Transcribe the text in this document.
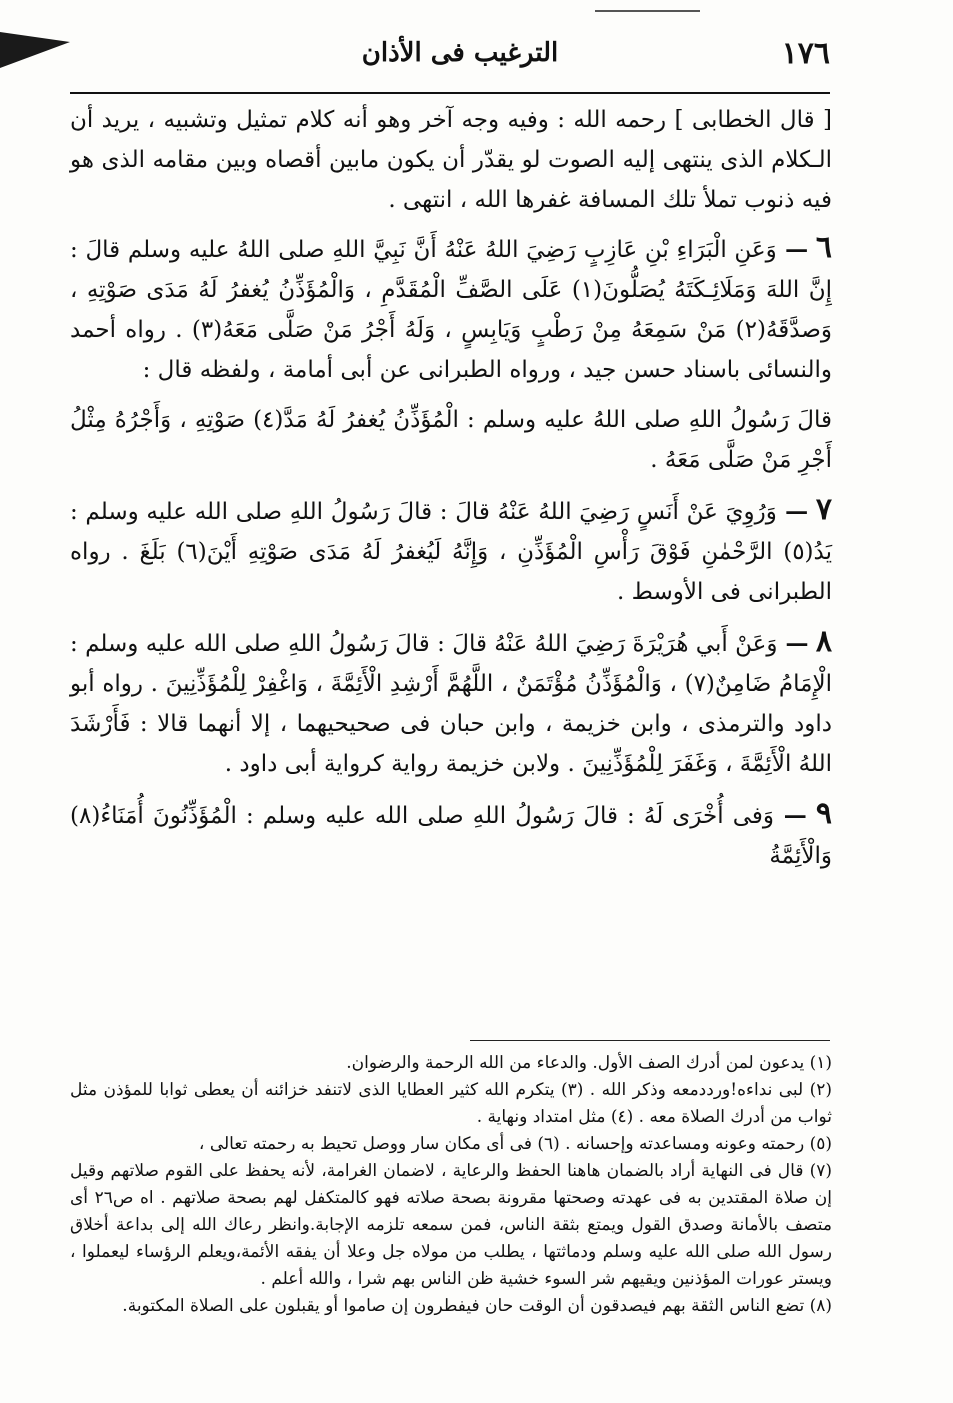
١٧٦
الترغيب فى الأذان

[ قال الخطابى ] رحمه الله : وفيه وجه آخر وهو أنه كلام تمثيل وتشبيه ، يريد أن الـكلام الذى ينتهى إليه الصوت لو يقدّر أن يكون مابين أقصاه وبين مقامه الذى هو فيه ذنوب تملأ تلك المسافة غفرها الله ، انتهى .

٦ — وَعَنِ الْبَرَاءِ بْنِ عَازِبٍ رَضِيَ اللهُ عَنْهُ أَنَّ نَبِيَّ اللهِ صلى اللهُ عليه وسلم قالَ : إِنَّ اللهَ وَمَلَائِـكَتَهُ يُصَلُّونَ(١) عَلَى الصَّفِّ الْمُقَدَّمِ ، وَالْمُؤَذِّنُ يُغفرُ لَهُ مَدَى صَوْتِهِ ، وَصدَّقَهُ(٢) مَنْ سَمِعَهُ مِنْ رَطْبٍ وَيَابِسٍ ، وَلَهُ أَجْرُ مَنْ صَلَّى مَعَهُ(٣) . رواه أحمد والنسائى باسناد حسن جيد ، ورواه الطبرانى عن أبى أمامة ، ولفظه قال :

قالَ رَسُولُ اللهِ صلى اللهُ عليه وسلم : الْمُؤَذِّنُ يُغفرُ لَهُ مَدَّ(٤) صَوْتِهِ ، وَأَجْرُهُ مِثْلُ أَجْرِ مَنْ صَلَّى مَعَهُ .

٧ — وَرُوِيَ عَنْ أَنَسٍ رَضِيَ اللهُ عَنْهُ قالَ : قالَ رَسُولُ اللهِ صلى الله عليه وسلم : يَدُ(٥) الرَّحْمٰنِ فَوْقَ رَأْسِ الْمُؤَذِّنِ ، وَإِنَّهُ لَيُغفرُ لَهُ مَدَى صَوْتِهِ أَيْنَ(٦) بَلَغَ . رواه الطبرانى فى الأوسط .
٨ — وَعَنْ أَبي هُرَيْرَةَ رَضِيَ اللهُ عَنْهُ قالَ : قالَ رَسُولُ اللهِ صلى الله عليه وسلم : الْإِمَامُ ضَامِنٌ(٧) ، وَالْمُؤَذِّنُ مُؤْتَمَنٌ ، اللَّهُمَّ أَرْشِدِ الْأَئِمَّةَ ، وَاغْفِرْ لِلْمُؤَذِّنِينَ . رواه أبو داود والترمذى ، وابن خزيمة ، وابن حبان فى صحيحيهما ، إلا أنهما قالا : فَأَرْشَدَ اللهُ الْأَئِمَّةَ ، وَغَفَرَ لِلْمُؤَذِّنِينَ . ولابن خزيمة رواية كرواية أبى داود .
٩ — وَفى أُخْرَى لَهُ : قالَ رَسُولُ اللهِ صلى الله عليه وسلم : الْمُؤَذِّنُونَ أُمَنَاءُ(٨) وَالْأَئِمَّةُ

(١) يدعون لمن أدرك الصف الأول. والدعاء من الله الرحمة والرضوان.

(٢) لبى نداءه!ورددمعه وذكر الله . (٣) يتكرم الله كثير العطايا الذى لاتنفد خزائنه أن يعطى ثوابا للمؤذن مثل ثواب من أدرك الصلاة معه . (٤) مثل امتداد ونهاية .

(٥) رحمته وعونه ومساعدته وإحسانه . (٦) فى أى مكان سار ووصل تحيط به رحمته تعالى ،

(٧) قال فى النهاية أراد بالضمان هاهنا الحفظ والرعاية ، لاضمان الغرامة، لأنه يحفظ على القوم صلاتهم وقيل إن صلاة المقتدين به فى عهدته وصحتها مقرونة بصحة صلاته فهو كالمتكفل لهم بصحة صلاتهم . اه ص٢٦ أى متصف بالأمانة وصدق القول ويمتع بثقة الناس، فمن سمعه تلزمه الإجابة.وانظر رعاك الله إلى بداعة أخلاق رسول الله صلى الله عليه وسلم ودماثتها ، يطلب من مولاه جل وعلا أن يفقه الأئمة،ويعلم الرؤساء ليعملوا ، ويستر عورات المؤذنين ويقيهم شر السوء خشية ظن الناس بهم شرا ، والله أعلم .

(٨) تضع الناس الثقة بهم فيصدقون أن الوقت حان فيفطرون إن صاموا أو يقبلون على الصلاة المكتوبة.
